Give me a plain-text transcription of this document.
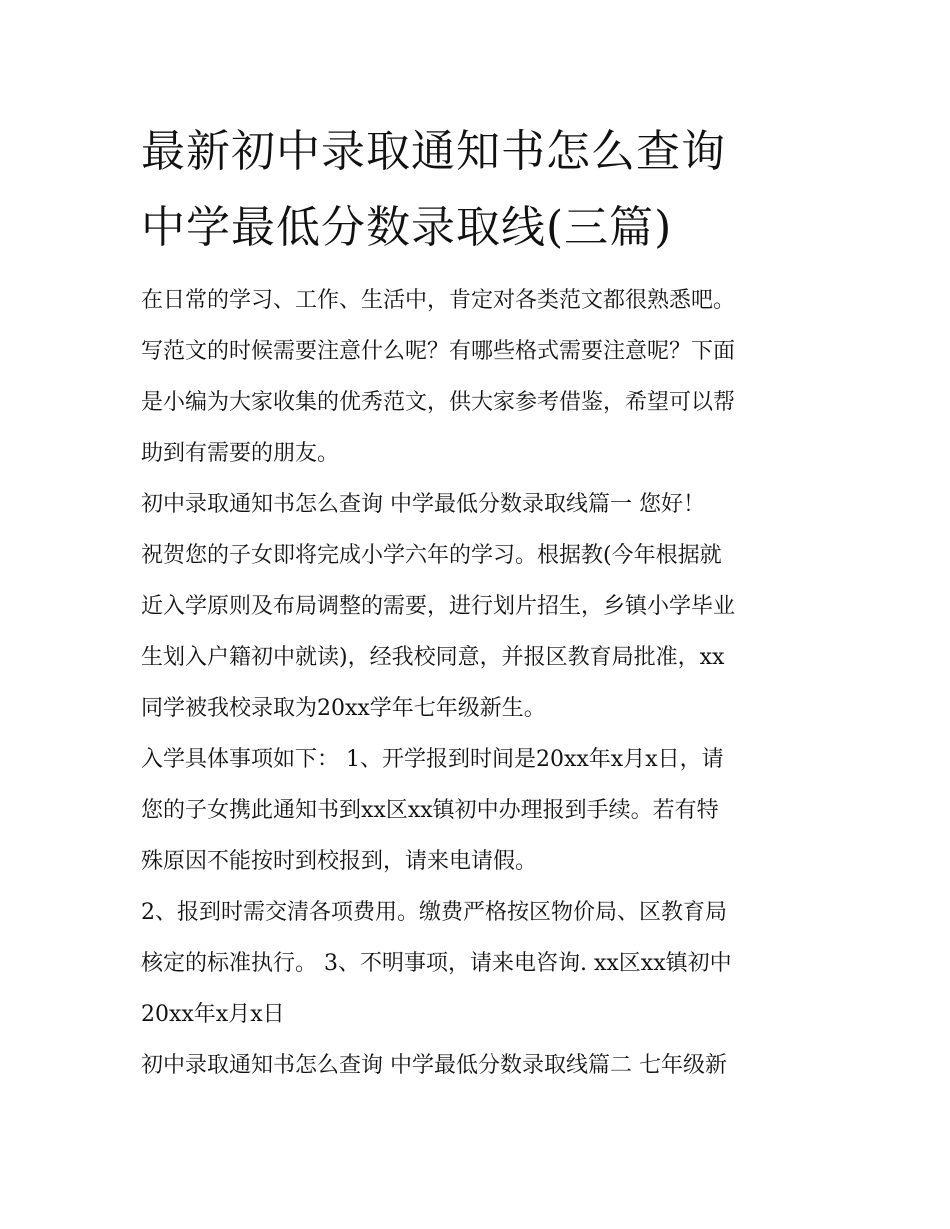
最新初中录取通知书怎么查询
中学最低分数录取线(三篇)
在日常的学习、工作、生活中，肯定对各类范文都很熟悉吧。
写范文的时候需要注意什么呢？有哪些格式需要注意呢？下面
是小编为大家收集的优秀范文，供大家参考借鉴，希望可以帮
助到有需要的朋友。
初中录取通知书怎么查询 中学最低分数录取线篇一 您好！
祝贺您的子女即将完成小学六年的学习。根据教(今年根据就
近入学原则及布局调整的需要，进行划片招生，乡镇小学毕业
生划入户籍初中就读)，经我校同意，并报区教育局批准，xx
同学被我校录取为20xx学年七年级新生。
入学具体事项如下： 1、开学报到时间是20xx年x月x日，请
您的子女携此通知书到xx区xx镇初中办理报到手续。若有特
殊原因不能按时到校报到，请来电请假。
2、报到时需交清各项费用。缴费严格按区物价局、区教育局
核定的标准执行。 3、不明事项，请来电咨询. xx区xx镇初中
20xx年x月x日
初中录取通知书怎么查询 中学最低分数录取线篇二 七年级新
